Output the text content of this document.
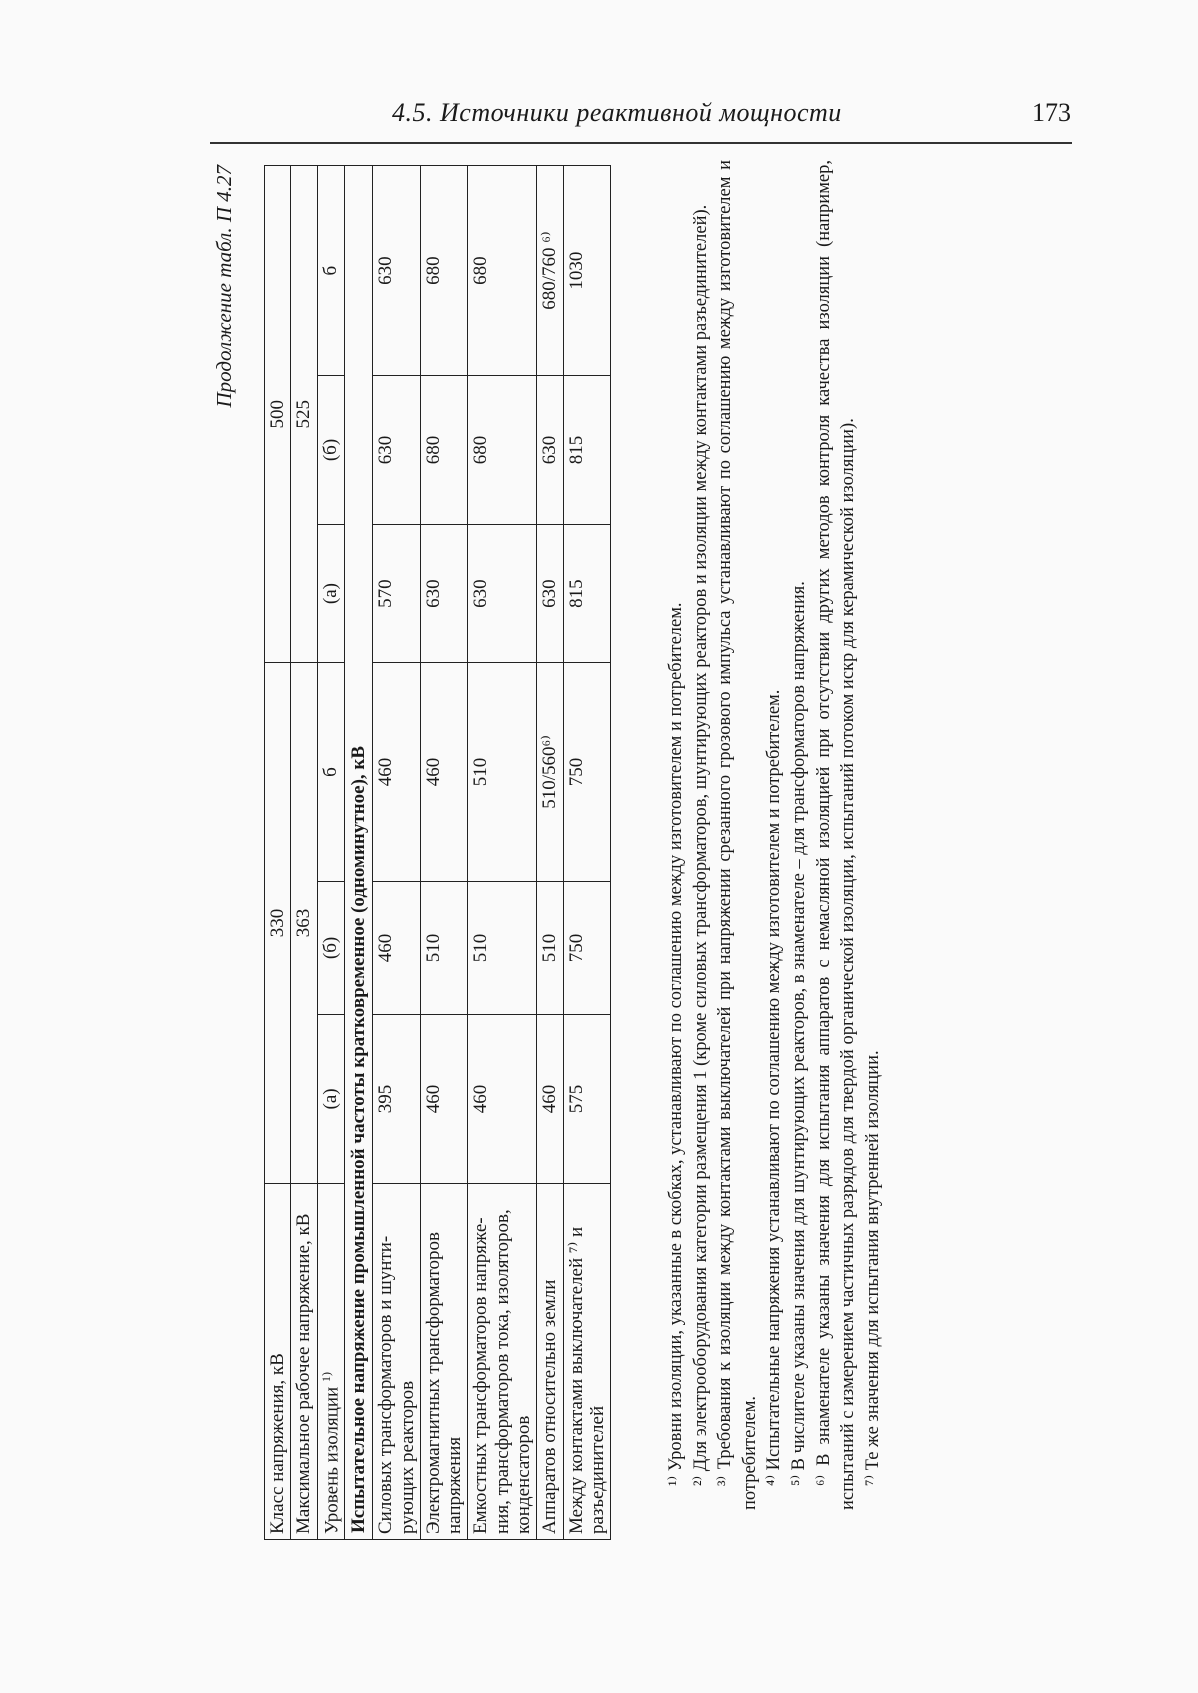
4.5. Источники реактивной мощности	173
Продолжение табл. П 4.27
Класс напряжения, кВ	330			500		
Максимальное рабочее напряжение, кВ	363			525		
Уровень изоляции $^{1)}$	(а)	(б)	б	(а)	(б)	б
Испытательное напряжение промышленной частоты кратковременное (одноминутное), кВ						
Силовых трансформаторов и шунти-рующих реакторов	395	460	460	570	630	630
Электромагнитных трансформаторов напряжения	460	510	460	630	680	680
Емкостных трансформаторов напряже-ния, трансформаторов тока, изоляторов, конденсаторов	460	510	510	630	680	680
Аппаратов относительно земли	460	510	510/560⁶⁾	630	630	680/760 ⁶⁾
Между контактами выключателей ⁷⁾ и разъединителей	575	750	750	815	815	1030

¹⁾ Уровни изоляции, указанные в скобках, устанавливают по соглашению между изготовителем и потребителем. ²⁾ Для электрооборудования категории размещения 1 (кроме силовых трансформаторов, шунтирующих реакторов и изоляции между контактами разъединителей). ³⁾ Требования к изоляции между контактами выключателей при напряжении срезанного грозового импульса устанавливают по соглашению между изготовителем и потребителем. ⁴⁾ Испытательные напряжения устанавливают по соглашению между изготовителем и потребителем. ⁵⁾ В числителе указаны значения для шунтирующих реакторов, в знаменателе – для трансформаторов напряжения. ⁶⁾ В знаменателе указаны значения для испытания аппаратов с немасляной изоляцией при отсутствии других методов контроля качества изоляции (например, испытаний с измерением частичных разрядов для твердой органической изоляции, испытаний потоком искр для керамической изоляции). ⁷⁾ Те же значения для испытания внутренней изоляции.
